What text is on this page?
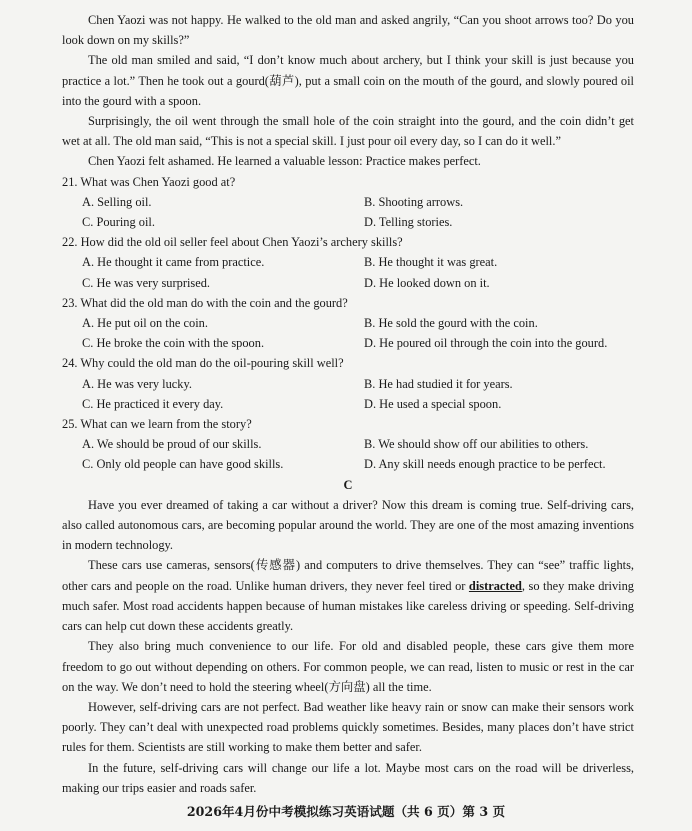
Chen Yaozi was not happy. He walked to the old man and asked angrily, “Can you shoot arrows too? Do you look down on my skills?”

The old man smiled and said, “I don’t know much about archery, but I think your skill is just because you practice a lot.” Then he took out a gourd(葫芦), put a small coin on the mouth of the gourd, and slowly poured oil into the gourd with a spoon.

Surprisingly, the oil went through the small hole of the coin straight into the gourd, and the coin didn’t get wet at all. The old man said, “This is not a special skill. I just pour oil every day, so I can do it well.”

Chen Yaozi felt ashamed. He learned a valuable lesson: Practice makes perfect.

21. What was Chen Yaozi good at?

A. Selling oil.	B. Shooting arrows.
C. Pouring oil.	D. Telling stories.

22. How did the old oil seller feel about Chen Yaozi’s archery skills?

A. He thought it came from practice.	B. He thought it was great.
C. He was very surprised.	D. He looked down on it.

23. What did the old man do with the coin and the gourd?

A. He put oil on the coin.	B. He sold the gourd with the coin.
C. He broke the coin with the spoon.	D. He poured oil through the coin into the gourd.

24. Why could the old man do the oil-pouring skill well?

A. He was very lucky.	B. He had studied it for years.
C. He practiced it every day.	D. He used a special spoon.

25. What can we learn from the story?

A. We should be proud of our skills.	B. We should show off our abilities to others.
C. Only old people can have good skills.	D. Any skill needs enough practice to be perfect.

C

Have you ever dreamed of taking a car without a driver? Now this dream is coming true. Self-driving cars, also called autonomous cars, are becoming popular around the world. They are one of the most amazing inventions in modern technology.

These cars use cameras, sensors(传感器) and computers to drive themselves. They can “see” traffic lights, other cars and people on the road. Unlike human drivers, they never feel tired or distracted, so they make driving much safer. Most road accidents happen because of human mistakes like careless driving or speeding. Self-driving cars can help cut down these accidents greatly.

They also bring much convenience to our life. For old and disabled people, these cars give them more freedom to go out without depending on others. For common people, we can read, listen to music or rest in the car on the way. We don’t need to hold the steering wheel(方向盘) all the time.

However, self-driving cars are not perfect. Bad weather like heavy rain or snow can make their sensors work poorly. They can’t deal with unexpected road problems quickly sometimes. Besides, many places don’t have strict rules for them. Scientists are still working to make them better and safer.

In the future, self-driving cars will change our life a lot. Maybe most cars on the road will be driverless, making our trips easier and roads safer.

2026年4月份中考模拟练习英语试题（共 6 页）第 3 页
